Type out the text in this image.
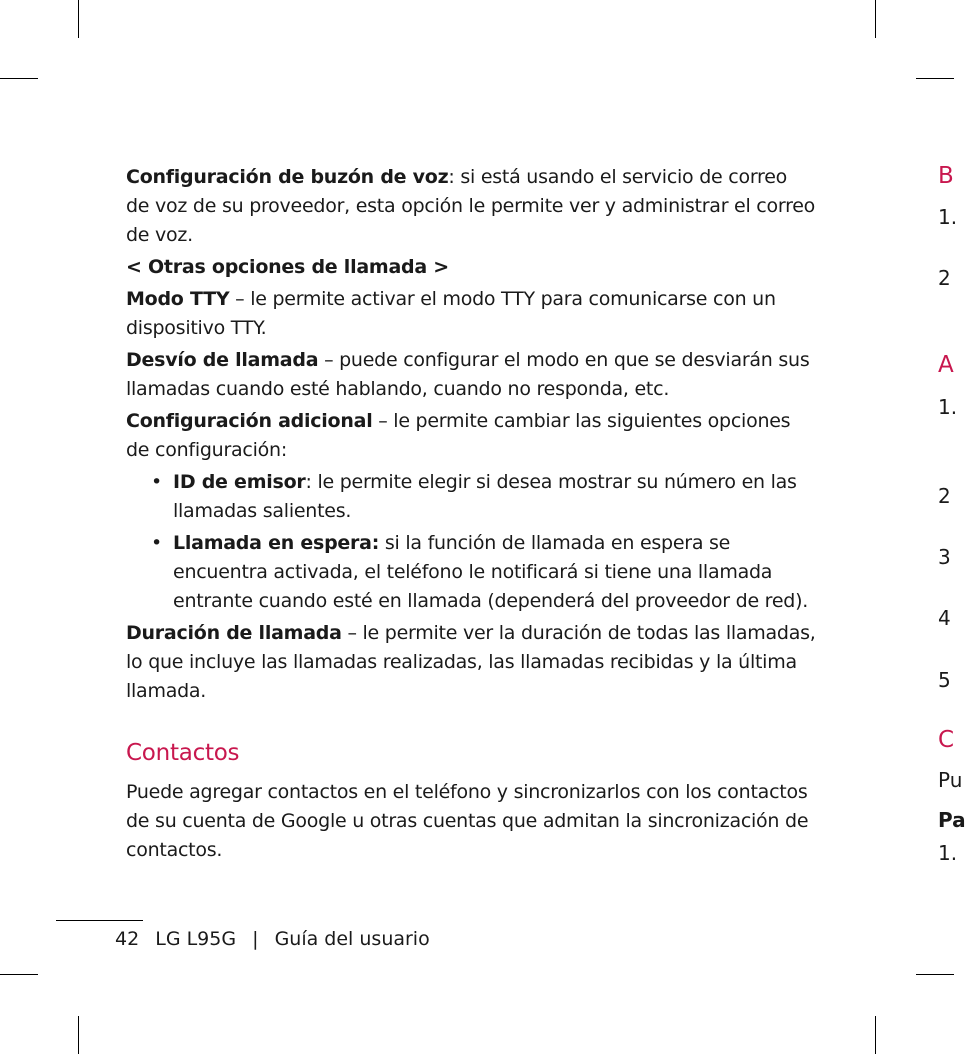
Configuración de buzón de voz: si está usando el servicio de correo de voz de su proveedor, esta opción le permite ver y administrar el correo de voz.

< Otras opciones de llamada >

Modo TTY – le permite activar el modo TTY para comunicarse con un dispositivo TTY.

Desvío de llamada – puede configurar el modo en que se desviarán sus llamadas cuando esté hablando, cuando no responda, etc.

Configuración adicional – le permite cambiar las siguientes opciones de configuración:

• ID de emisor: le permite elegir si desea mostrar su número en las llamadas salientes.

• Llamada en espera: si la función de llamada en espera se encuentra activada, el teléfono le notificará si tiene una llamada entrante cuando esté en llamada (dependerá del proveedor de red).

Duración de llamada – le permite ver la duración de todas las llamadas, lo que incluye las llamadas realizadas, las llamadas recibidas y la última llamada.

Contactos

Puede agregar contactos en el teléfono y sincronizarlos con los contactos de su cuenta de Google u otras cuentas que admitan la sincronización de contactos.

42 LG L95G | Guía del usuario
B
1.
2
A
1.
2
3
4
5
C
Pu
Pa
1.
